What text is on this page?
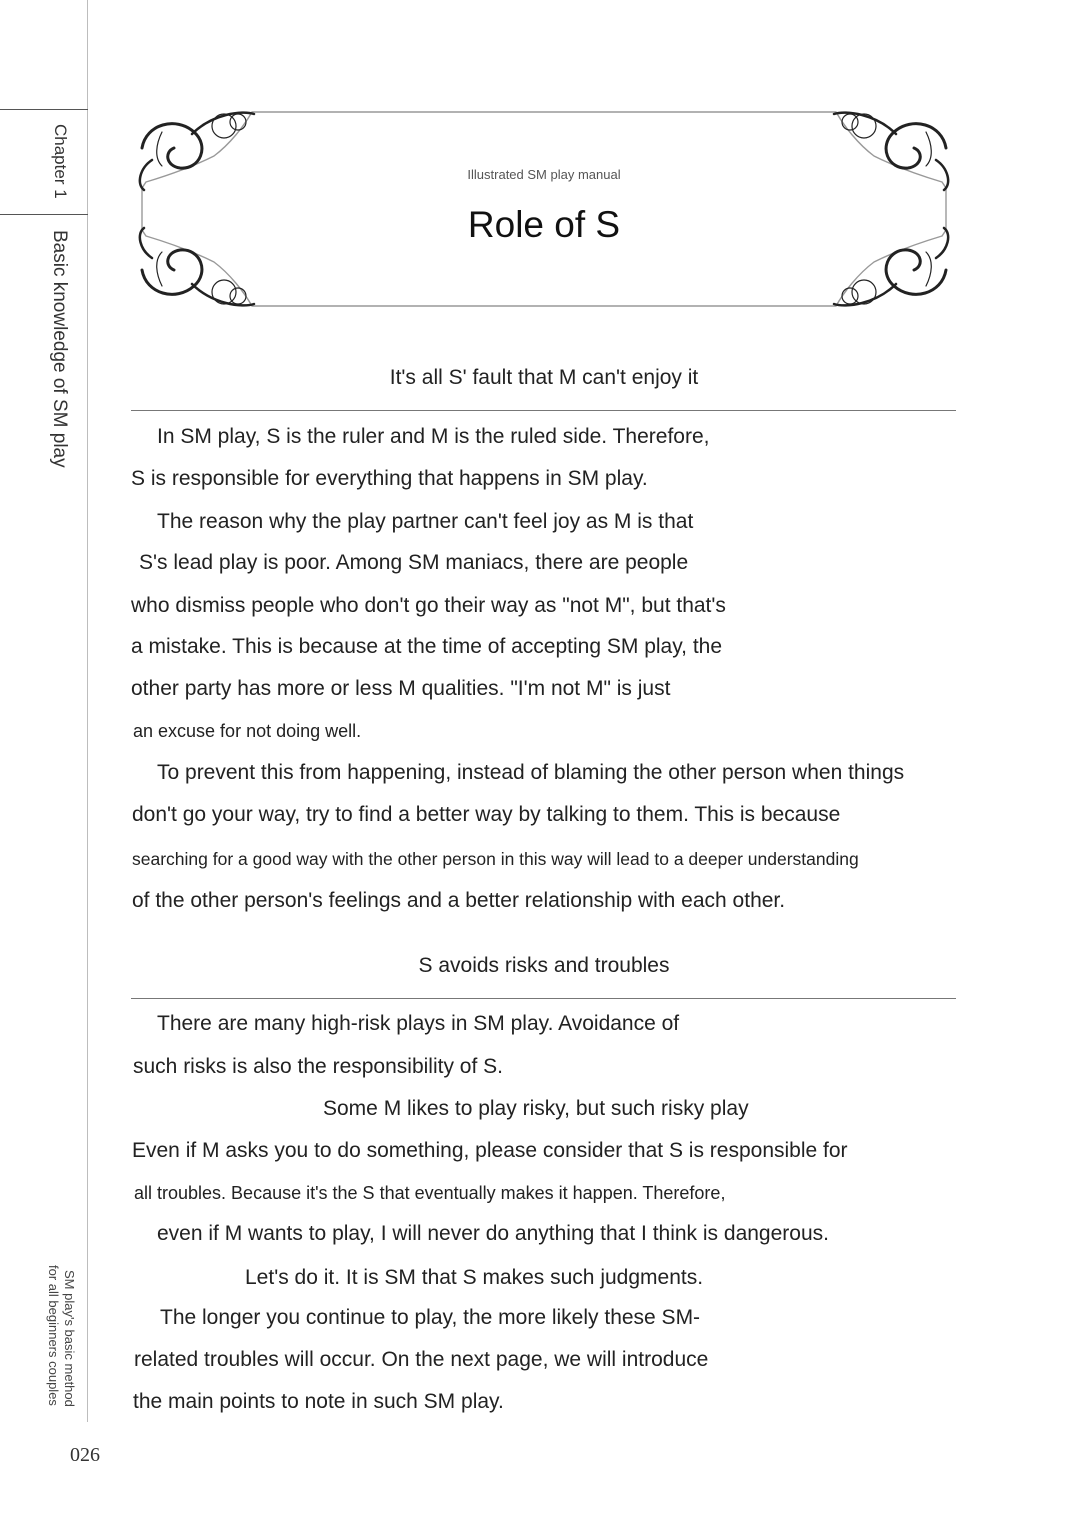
Chapter 1
Basic knowledge of SM play
SM play's basic method
for all beginners couples
026
Illustrated SM play manual
Role of S
It's all S' fault that M can't enjoy it
In SM play, S is the ruler and M is the ruled side. Therefore,
S is responsible for everything that happens in SM play.
The reason why the play partner can't feel joy as M is that
S's lead play is poor. Among SM maniacs, there are people
who dismiss people who don't go their way as "not M", but that's
a mistake. This is because at the time of accepting SM play, the
other party has more or less M qualities. "I'm not M" is just
an excuse for not doing well.
To prevent this from happening, instead of blaming the other person when things
don't go your way, try to find a better way by talking to them. This is because
searching for a good way with the other person in this way will lead to a deeper understanding
of the other person's feelings and a better relationship with each other.
S avoids risks and troubles
There are many high-risk plays in SM play. Avoidance of
such risks is also the responsibility of S.
Some M likes to play risky, but such risky play
Even if M asks you to do something, please consider that S is responsible for
all troubles. Because it's the S that eventually makes it happen. Therefore,
even if M wants to play, I will never do anything that I think is dangerous.
Let's do it. It is SM that S makes such judgments.
The longer you continue to play, the more likely these SM-
related troubles will occur. On the next page, we will introduce
the main points to note in such SM play.
